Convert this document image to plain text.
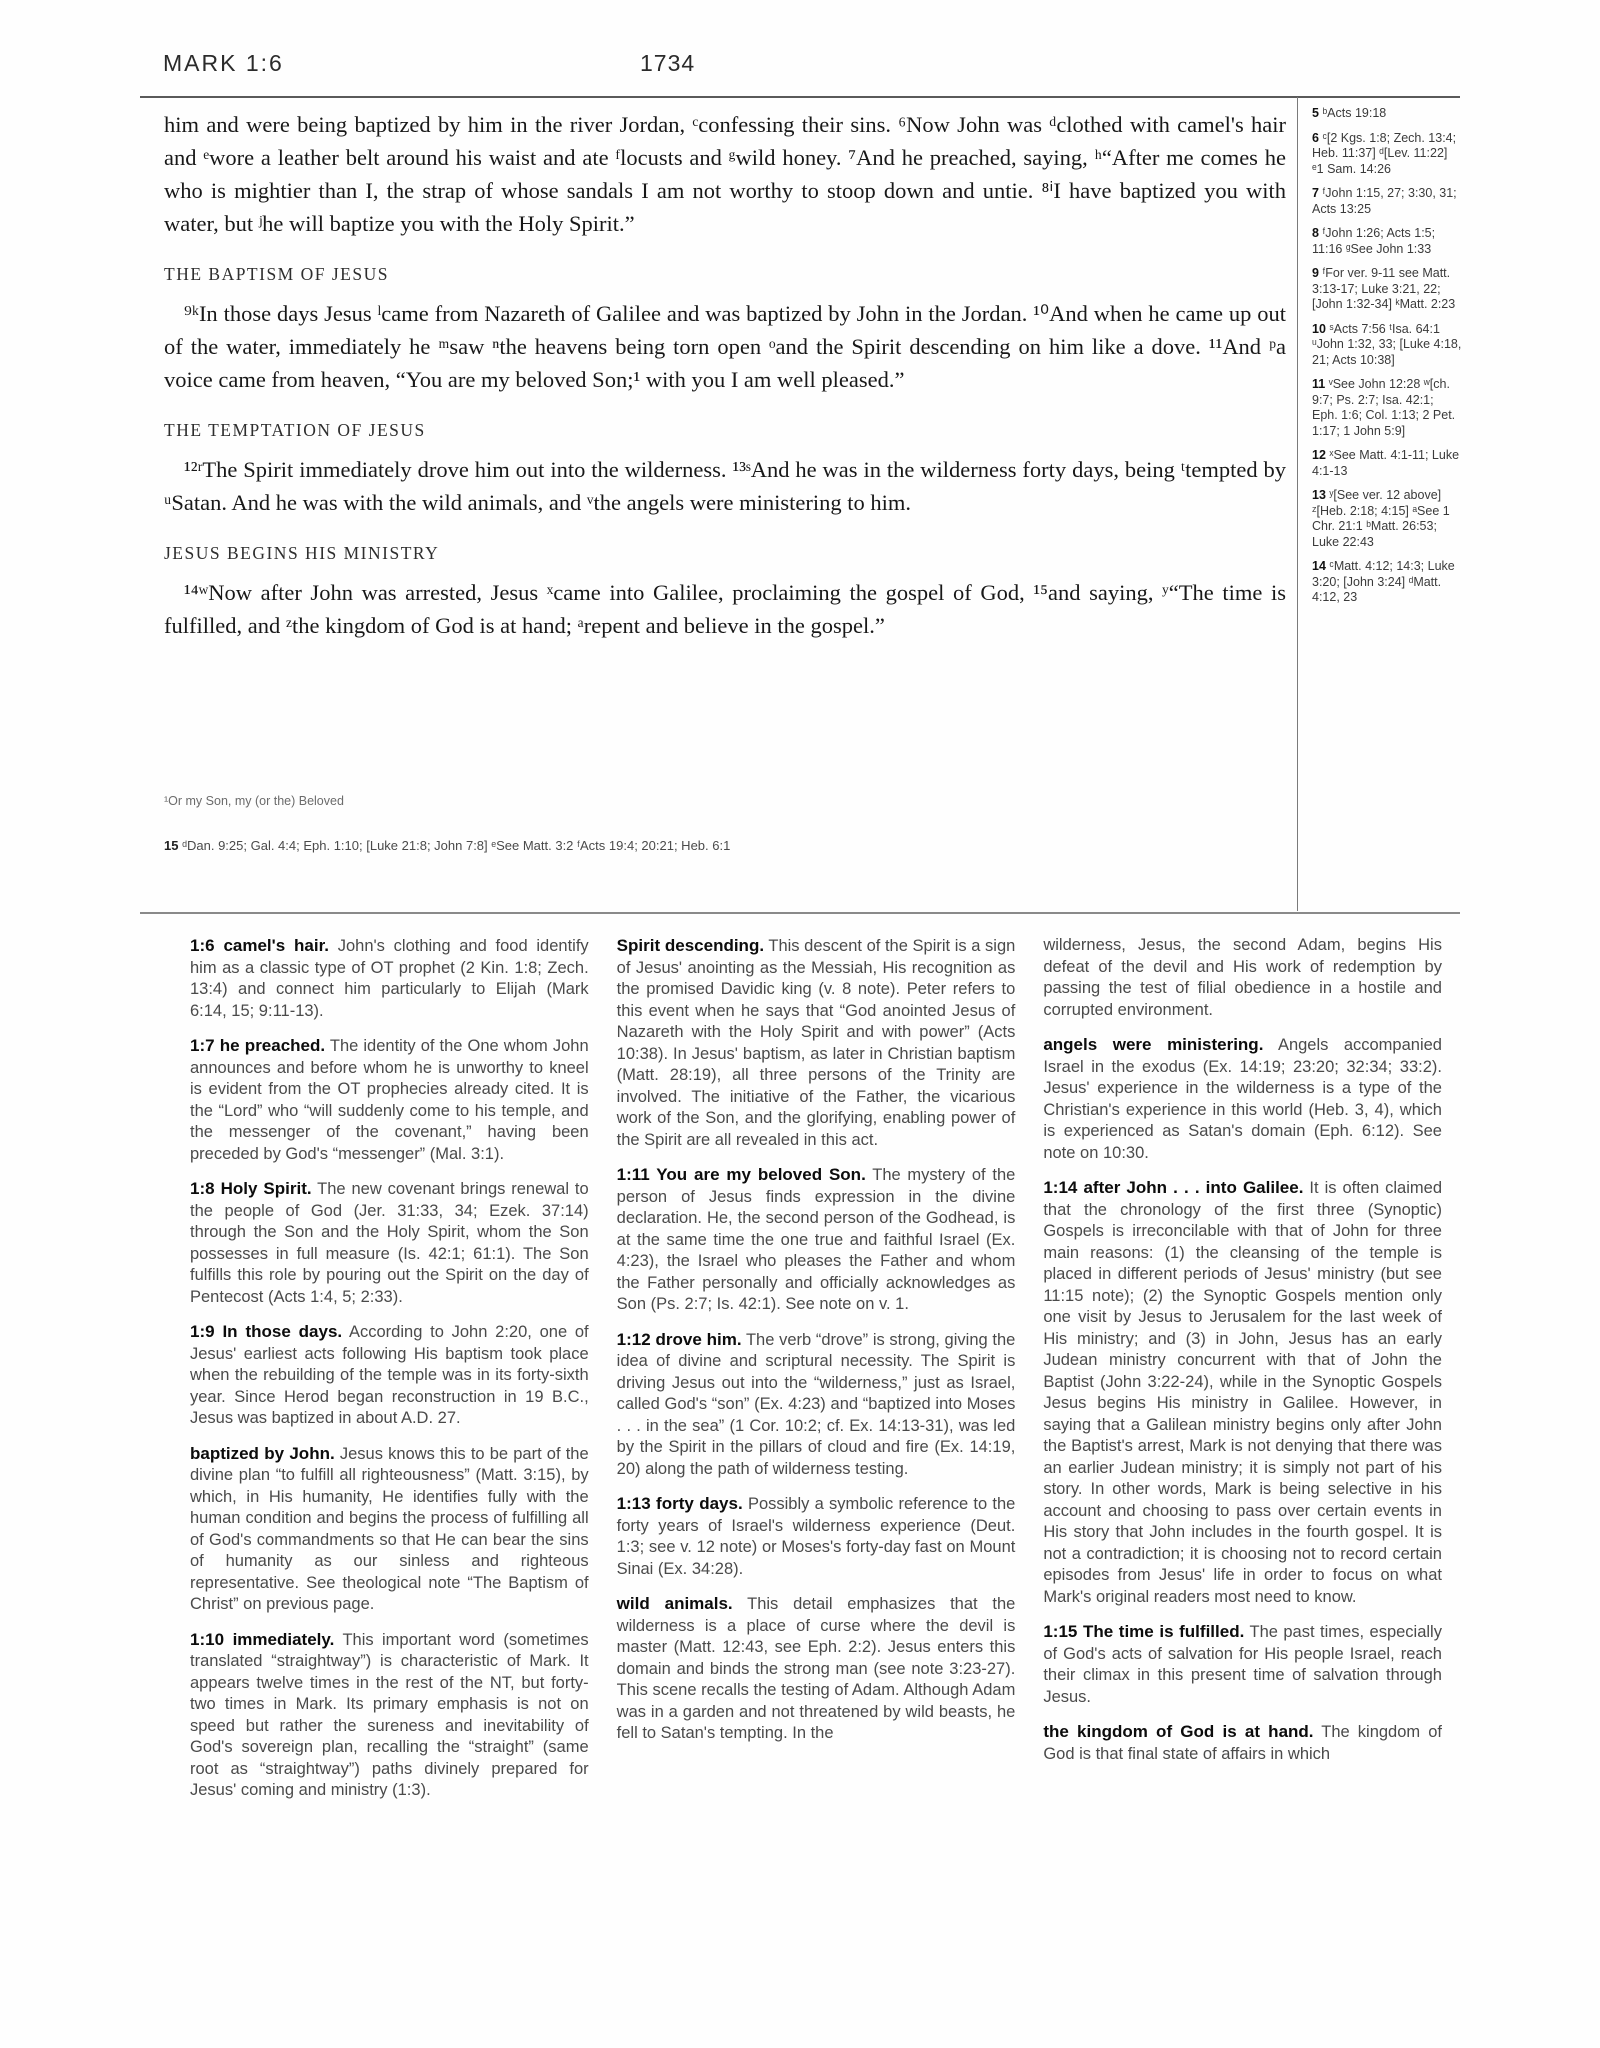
MARK 1:6	1734

him and were being baptized by him in the river Jordan, ᶜconfessing their sins. ⁶Now John was ᵈclothed with camel's hair and ᵉwore a leather belt around his waist and ate ᶠlocusts and ᵍwild honey. ⁷And he preached, saying, ʰ“After me comes he who is mightier than I, the strap of whose sandals I am not worthy to stoop down and untie. ⁸ⁱI have baptized you with water, but ʲhe will baptize you with the Holy Spirit.”

THE BAPTISM OF JESUS

⁹ᵏIn those days Jesus ˡcame from Nazareth of Galilee and was baptized by John in the Jordan. ¹⁰And when he came up out of the water, immediately he ᵐsaw ⁿthe heavens being torn open ᵒand the Spirit descending on him like a dove. ¹¹And ᵖa voice came from heaven, “You are my beloved Son;¹ with you I am well pleased.”

THE TEMPTATION OF JESUS

¹²ʳThe Spirit immediately drove him out into the wilderness. ¹³ˢAnd he was in the wilderness forty days, being ᵗtempted by ᵘSatan. And he was with the wild animals, and ᵛthe angels were ministering to him.

JESUS BEGINS HIS MINISTRY

¹⁴ʷNow after John was arrested, Jesus ˣcame into Galilee, proclaiming the gospel of God, ¹⁵and saying, ʸ“The time is fulfilled, and ᶻthe kingdom of God is at hand; ᵃrepent and believe in the gospel.”

¹Or my Son, my (or the) Beloved
15 ᵈDan. 9:25; Gal. 4:4; Eph. 1:10; [Luke 21:8; John 7:8] ᵉSee Matt. 3:2 ᶠActs 19:4; 20:21; Heb. 6:1
5 ᵇActs 19:18
6 ᶜ[2 Kgs. 1:8; Zech. 13:4; Heb. 11:37] ᵈ[Lev. 11:22] ᵉ1 Sam. 14:26
7 ᶠJohn 1:15, 27; 3:30, 31; Acts 13:25
8 ᶠJohn 1:26; Acts 1:5; 11:16 ᵍSee John 1:33
9 ᶠFor ver. 9-11 see Matt. 3:13-17; Luke 3:21, 22; [John 1:32-34] ᵏMatt. 2:23
10 ˢActs 7:56 ᵗIsa. 64:1 ᵘJohn 1:32, 33; [Luke 4:18, 21; Acts 10:38]
11 ᵛSee John 12:28 ʷ[ch. 9:7; Ps. 2:7; Isa. 42:1; Eph. 1:6; Col. 1:13; 2 Pet. 1:17; 1 John 5:9]
12 ˣSee Matt. 4:1-11; Luke 4:1-13
13 ʸ[See ver. 12 above] ᶻ[Heb. 2:18; 4:15] ᵃSee 1 Chr. 21:1 ᵇMatt. 26:53; Luke 22:43
14 ᶜMatt. 4:12; 14:3; Luke 3:20; [John 3:24] ᵈMatt. 4:12, 23

1:6 camel's hair. John's clothing and food identify him as a classic type of OT prophet (2 Kin. 1:8; Zech. 13:4) and connect him particularly to Elijah (Mark 6:14, 15; 9:11-13).

1:7 he preached. The identity of the One whom John announces and before whom he is unworthy to kneel is evident from the OT prophecies already cited. It is the “Lord” who “will suddenly come to his temple, and the messenger of the covenant,” having been preceded by God's “messenger” (Mal. 3:1).

1:8 Holy Spirit. The new covenant brings renewal to the people of God (Jer. 31:33, 34; Ezek. 37:14) through the Son and the Holy Spirit, whom the Son possesses in full measure (Is. 42:1; 61:1). The Son fulfills this role by pouring out the Spirit on the day of Pentecost (Acts 1:4, 5; 2:33).

1:9 In those days. According to John 2:20, one of Jesus' earliest acts following His baptism took place when the rebuilding of the temple was in its forty-sixth year. Since Herod began reconstruction in 19 B.C., Jesus was baptized in about A.D. 27.

baptized by John. Jesus knows this to be part of the divine plan “to fulfill all righteousness” (Matt. 3:15), by which, in His humanity, He identifies fully with the human condition and begins the process of fulfilling all of God's commandments so that He can bear the sins of humanity as our sinless and righteous representative. See theological note “The Baptism of Christ” on previous page.

1:10 immediately. This important word (sometimes translated “straightway”) is characteristic of Mark. It appears twelve times in the rest of the NT, but forty-two times in Mark. Its primary emphasis is not on speed but rather the sureness and inevitability of God's sovereign plan, recalling the “straight” (same root as “straightway”) paths divinely prepared for Jesus' coming and ministry (1:3).

Spirit descending. This descent of the Spirit is a sign of Jesus' anointing as the Messiah, His recognition as the promised Davidic king (v. 8 note). Peter refers to this event when he says that “God anointed Jesus of Nazareth with the Holy Spirit and with power” (Acts 10:38). In Jesus' baptism, as later in Christian baptism (Matt. 28:19), all three persons of the Trinity are involved. The initiative of the Father, the vicarious work of the Son, and the glorifying, enabling power of the Spirit are all revealed in this act.

1:11 You are my beloved Son. The mystery of the person of Jesus finds expression in the divine declaration. He, the second person of the Godhead, is at the same time the one true and faithful Israel (Ex. 4:23), the Israel who pleases the Father and whom the Father personally and officially acknowledges as Son (Ps. 2:7; Is. 42:1). See note on v. 1.

1:12 drove him. The verb “drove” is strong, giving the idea of divine and scriptural necessity. The Spirit is driving Jesus out into the “wilderness,” just as Israel, called God's “son” (Ex. 4:23) and “baptized into Moses . . . in the sea” (1 Cor. 10:2; cf. Ex. 14:13-31), was led by the Spirit in the pillars of cloud and fire (Ex. 14:19, 20) along the path of wilderness testing.

1:13 forty days. Possibly a symbolic reference to the forty years of Israel's wilderness experience (Deut. 1:3; see v. 12 note) or Moses's forty-day fast on Mount Sinai (Ex. 34:28).

wild animals. This detail emphasizes that the wilderness is a place of curse where the devil is master (Matt. 12:43, see Eph. 2:2). Jesus enters this domain and binds the strong man (see note 3:23-27). This scene recalls the testing of Adam. Although Adam was in a garden and not threatened by wild beasts, he fell to Satan's tempting. In the

wilderness, Jesus, the second Adam, begins His defeat of the devil and His work of redemption by passing the test of filial obedience in a hostile and corrupted environment.

angels were ministering. Angels accompanied Israel in the exodus (Ex. 14:19; 23:20; 32:34; 33:2). Jesus' experience in the wilderness is a type of the Christian's experience in this world (Heb. 3, 4), which is experienced as Satan's domain (Eph. 6:12). See note on 10:30.

1:14 after John . . . into Galilee. It is often claimed that the chronology of the first three (Synoptic) Gospels is irreconcilable with that of John for three main reasons: (1) the cleansing of the temple is placed in different periods of Jesus' ministry (but see 11:15 note); (2) the Synoptic Gospels mention only one visit by Jesus to Jerusalem for the last week of His ministry; and (3) in John, Jesus has an early Judean ministry concurrent with that of John the Baptist (John 3:22-24), while in the Synoptic Gospels Jesus begins His ministry in Galilee. However, in saying that a Galilean ministry begins only after John the Baptist's arrest, Mark is not denying that there was an earlier Judean ministry; it is simply not part of his story. In other words, Mark is being selective in his account and choosing to pass over certain events in His story that John includes in the fourth gospel. It is not a contradiction; it is choosing not to record certain episodes from Jesus' life in order to focus on what Mark's original readers most need to know.

1:15 The time is fulfilled. The past times, especially of God's acts of salvation for His people Israel, reach their climax in this present time of salvation through Jesus.

the kingdom of God is at hand. The kingdom of God is that final state of affairs in which
